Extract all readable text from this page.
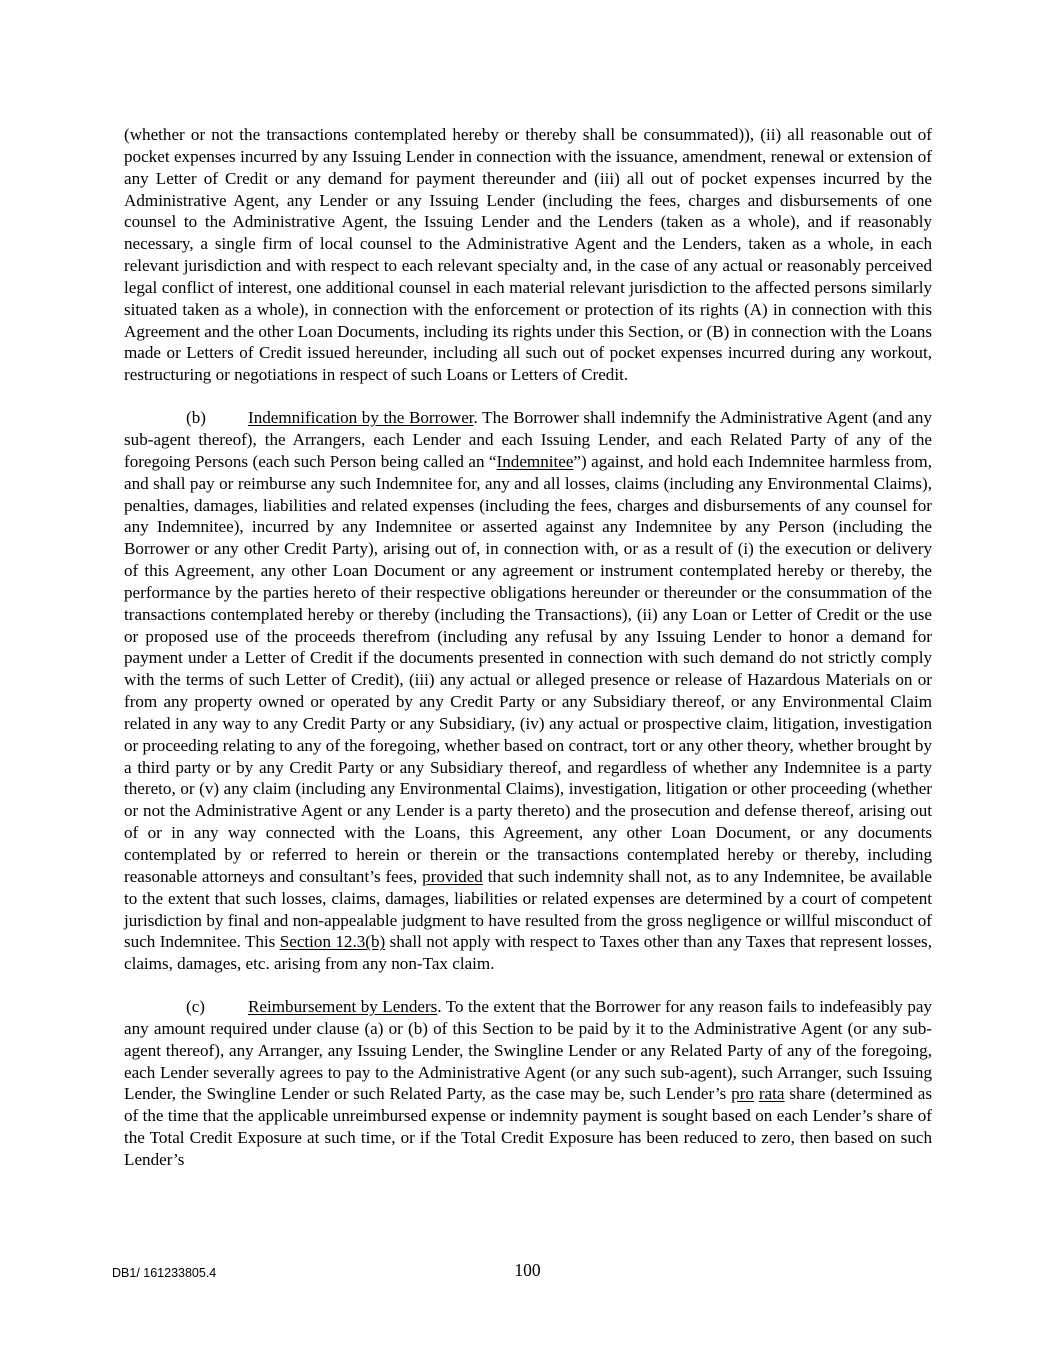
(whether or not the transactions contemplated hereby or thereby shall be consummated)), (ii) all reasonable out of pocket expenses incurred by any Issuing Lender in connection with the issuance, amendment, renewal or extension of any Letter of Credit or any demand for payment thereunder and (iii) all out of pocket expenses incurred by the Administrative Agent, any Lender or any Issuing Lender (including the fees, charges and disbursements of one counsel to the Administrative Agent, the Issuing Lender and the Lenders (taken as a whole), and if reasonably necessary, a single firm of local counsel to the Administrative Agent and the Lenders, taken as a whole, in each relevant jurisdiction and with respect to each relevant specialty and, in the case of any actual or reasonably perceived legal conflict of interest, one additional counsel in each material relevant jurisdiction to the affected persons similarly situated taken as a whole), in connection with the enforcement or protection of its rights (A) in connection with this Agreement and the other Loan Documents, including its rights under this Section, or (B) in connection with the Loans made or Letters of Credit issued hereunder, including all such out of pocket expenses incurred during any workout, restructuring or negotiations in respect of such Loans or Letters of Credit.

(b) Indemnification by the Borrower. The Borrower shall indemnify the Administrative Agent (and any sub-agent thereof), the Arrangers, each Lender and each Issuing Lender, and each Related Party of any of the foregoing Persons (each such Person being called an “Indemnitee”) against, and hold each Indemnitee harmless from, and shall pay or reimburse any such Indemnitee for, any and all losses, claims (including any Environmental Claims), penalties, damages, liabilities and related expenses (including the fees, charges and disbursements of any counsel for any Indemnitee), incurred by any Indemnitee or asserted against any Indemnitee by any Person (including the Borrower or any other Credit Party), arising out of, in connection with, or as a result of (i) the execution or delivery of this Agreement, any other Loan Document or any agreement or instrument contemplated hereby or thereby, the performance by the parties hereto of their respective obligations hereunder or thereunder or the consummation of the transactions contemplated hereby or thereby (including the Transactions), (ii) any Loan or Letter of Credit or the use or proposed use of the proceeds therefrom (including any refusal by any Issuing Lender to honor a demand for payment under a Letter of Credit if the documents presented in connection with such demand do not strictly comply with the terms of such Letter of Credit), (iii) any actual or alleged presence or release of Hazardous Materials on or from any property owned or operated by any Credit Party or any Subsidiary thereof, or any Environmental Claim related in any way to any Credit Party or any Subsidiary, (iv) any actual or prospective claim, litigation, investigation or proceeding relating to any of the foregoing, whether based on contract, tort or any other theory, whether brought by a third party or by any Credit Party or any Subsidiary thereof, and regardless of whether any Indemnitee is a party thereto, or (v) any claim (including any Environmental Claims), investigation, litigation or other proceeding (whether or not the Administrative Agent or any Lender is a party thereto) and the prosecution and defense thereof, arising out of or in any way connected with the Loans, this Agreement, any other Loan Document, or any documents contemplated by or referred to herein or therein or the transactions contemplated hereby or thereby, including reasonable attorneys and consultant’s fees, provided that such indemnity shall not, as to any Indemnitee, be available to the extent that such losses, claims, damages, liabilities or related expenses are determined by a court of competent jurisdiction by final and non-appealable judgment to have resulted from the gross negligence or willful misconduct of such Indemnitee. This Section 12.3(b) shall not apply with respect to Taxes other than any Taxes that represent losses, claims, damages, etc. arising from any non-Tax claim.

(c)	Reimbursement by Lenders. To the extent that the Borrower for any reason fails to indefeasibly pay any amount required under clause (a) or (b) of this Section to be paid by it to the Administrative Agent (or any sub-agent thereof), any Arranger, any Issuing Lender, the Swingline Lender or any Related Party of any of the foregoing, each Lender severally agrees to pay to the Administrative Agent (or any such sub-agent), such Arranger, such Issuing Lender, the Swingline Lender or such Related Party, as the case may be, such Lender’s pro rata share (determined as of the time that the applicable unreimbursed expense or indemnity payment is sought based on each Lender’s share of the Total Credit Exposure at such time, or if the Total Credit Exposure has been reduced to zero, then based on such Lender’s

DB1/ 161233805.4	100
